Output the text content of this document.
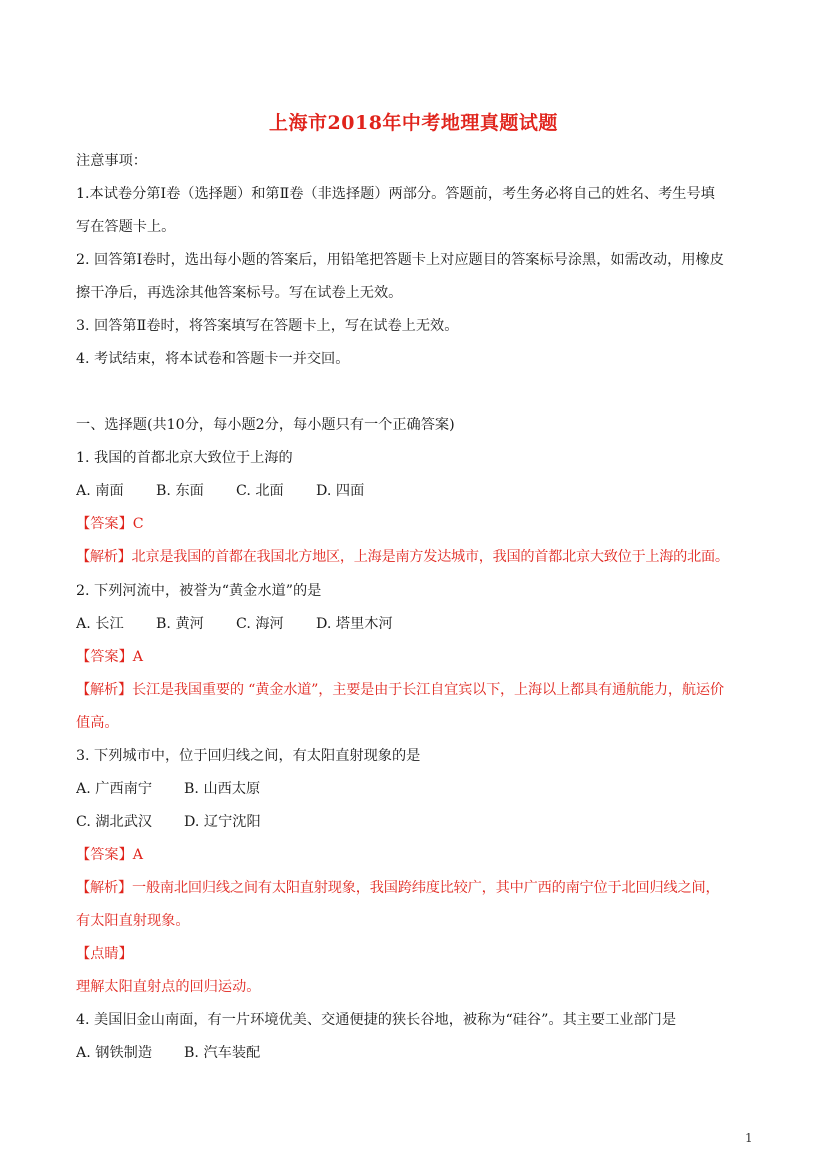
上海市2018年中考地理真题试题
注意事项：
1.本试卷分第Ⅰ卷（选择题）和第Ⅱ卷（非选择题）两部分。答题前，考生务必将自己的姓名、考生号填
写在答题卡上。
2. 回答第Ⅰ卷时，选出每小题的答案后，用铅笔把答题卡上对应题目的答案标号涂黑，如需改动，用橡皮
擦干净后，再选涂其他答案标号。写在试卷上无效。
3. 回答第Ⅱ卷时，将答案填写在答题卡上，写在试卷上无效。
4. 考试结束，将本试卷和答题卡一并交回。
一、选择题(共10分，每小题2分，每小题只有一个正确答案)
1. 我国的首都北京大致位于上海的
A. 南面 B. 东面 C. 北面 D. 四面
【答案】C
【解析】北京是我国的首都在我国北方地区，上海是南方发达城市，我国的首都北京大致位于上海的北面。
2. 下列河流中，被誉为“黄金水道”的是
A. 长江 B. 黄河 C. 海河 D. 塔里木河
【答案】A
【解析】长江是我国重要的 “黄金水道”，主要是由于长江自宜宾以下，上海以上都具有通航能力，航运价
值高。
3. 下列城市中，位于回归线之间，有太阳直射现象的是
A. 广西南宁 B. 山西太原
C. 湖北武汉 D. 辽宁沈阳
【答案】A
【解析】一般南北回归线之间有太阳直射现象，我国跨纬度比较广，其中广西的南宁位于北回归线之间，
有太阳直射现象。
【点睛】
理解太阳直射点的回归运动。
4. 美国旧金山南面，有一片环境优美、交通便捷的狭长谷地，被称为“硅谷”。其主要工业部门是
A. 钢铁制造 B. 汽车装配
1
